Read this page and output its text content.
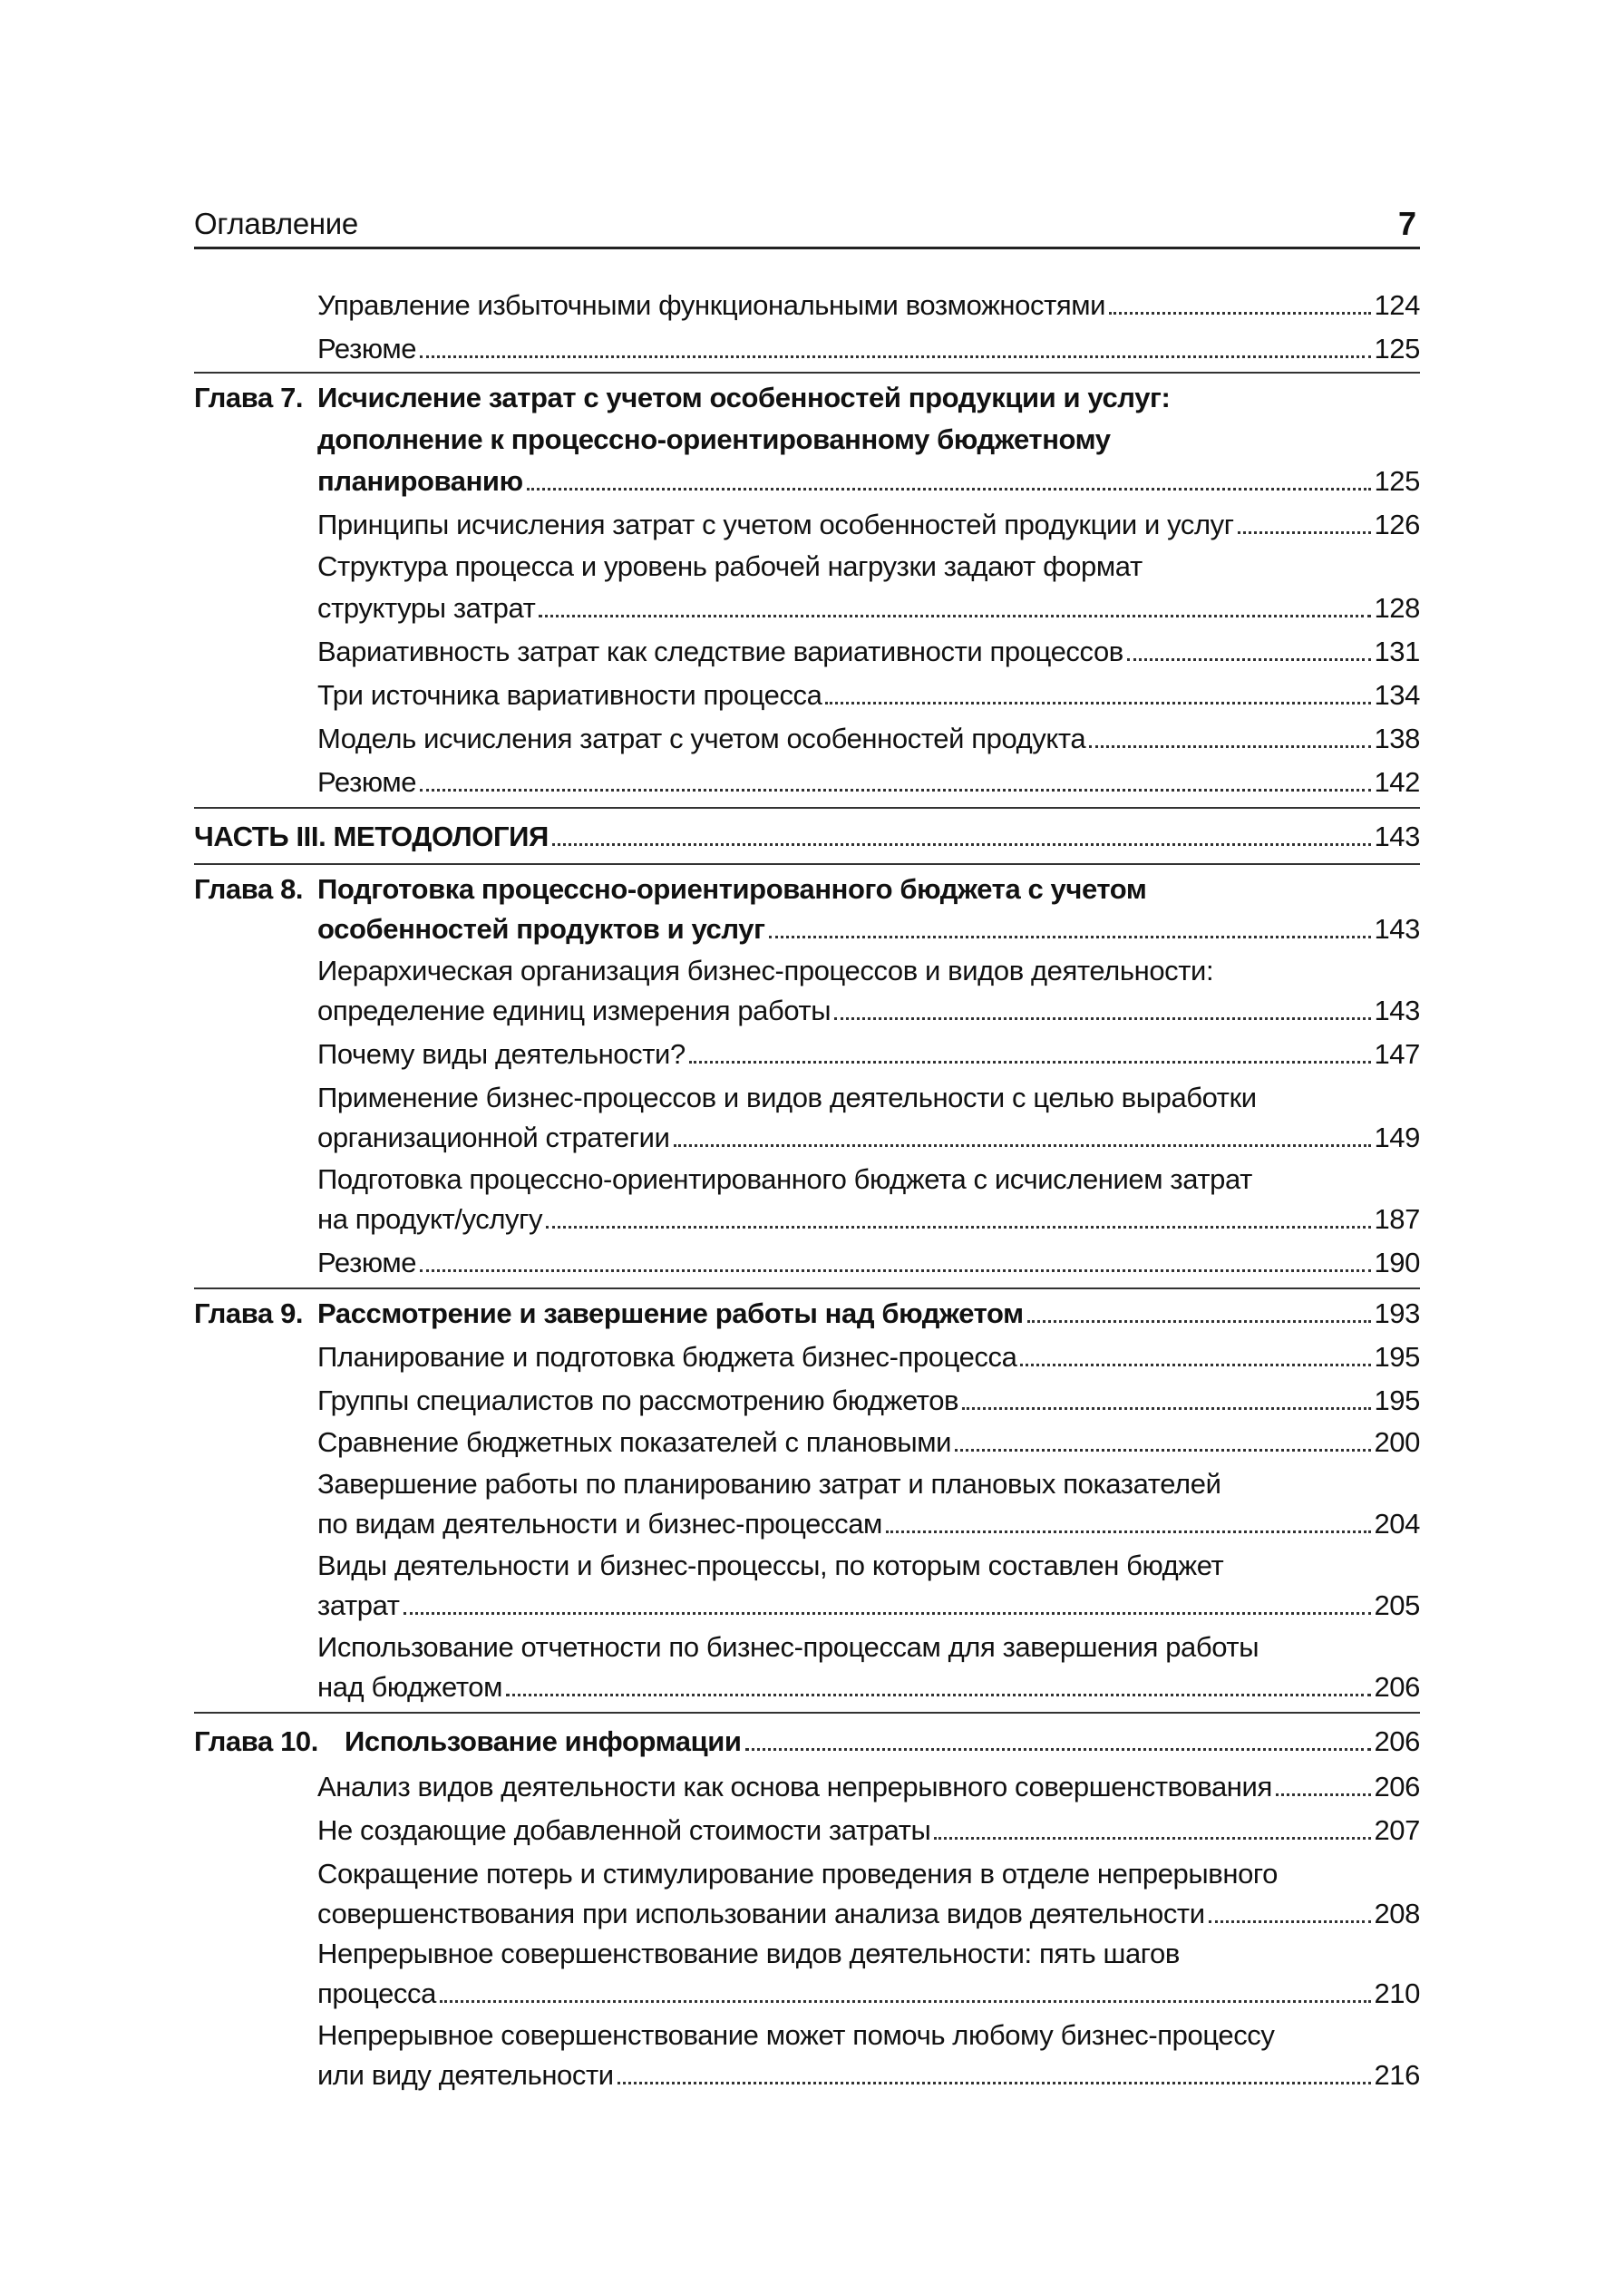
Оглавление	7
Управление избыточными функциональными возможностями	124
Резюме	125
Глава 7. Исчисление затрат с учетом особенностей продукции и услуг:
дополнение к процессно-ориентированному бюджетному
планированию	125
Принципы исчисления затрат с учетом особенностей продукции и услуг	126
Структура процесса и уровень рабочей нагрузки задают формат
структуры затрат	128
Вариативность затрат как следствие вариативности процессов	131
Три источника вариативности процесса	134
Модель исчисления затрат с учетом особенностей продукта	138
Резюме	142
ЧАСТЬ III. МЕТОДОЛОГИЯ	143
Глава 8. Подготовка процессно-ориентированного бюджета с учетом
особенностей продуктов и услуг	143
Иерархическая организация бизнес-процессов и видов деятельности:
определение единиц измерения работы	143
Почему виды деятельности?	147
Применение бизнес-процессов и видов деятельности с целью выработки
организационной стратегии	149
Подготовка процессно-ориентированного бюджета с исчислением затрат
на продукт/услугу	187
Резюме	190
Глава 9. Рассмотрение и завершение работы над бюджетом	193
Планирование и подготовка бюджета бизнес-процесса	195
Группы специалистов по рассмотрению бюджетов	195
Сравнение бюджетных показателей с плановыми	200
Завершение работы по планированию затрат и плановых показателей
по видам деятельности и бизнес-процессам	204
Виды деятельности и бизнес-процессы, по которым составлен бюджет
затрат	205
Использование отчетности по бизнес-процессам для завершения работы
над бюджетом	206
Глава 10. Использование информации	206
Анализ видов деятельности как основа непрерывного совершенствования	206
Не создающие добавленной стоимости затраты	207
Сокращение потерь и стимулирование проведения в отделе непрерывного
совершенствования при использовании анализа видов деятельности	208
Непрерывное совершенствование видов деятельности: пять шагов
процесса	210
Непрерывное совершенствование может помочь любому бизнес-процессу
или виду деятельности	216
